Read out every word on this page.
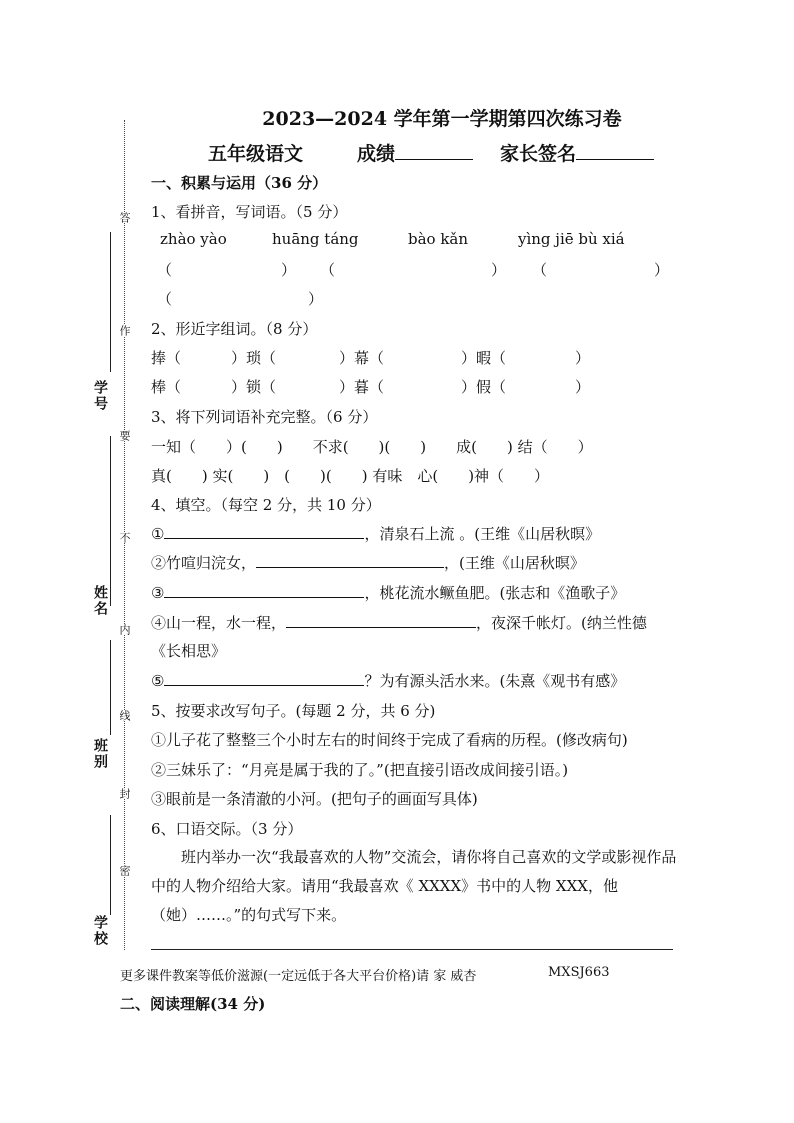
学号
姓名
班别
学校
答
作
要
不
内
线
封
密
2023—2024 学年第一学期第四次练习卷
五年级语文	成绩	家长签名
一、积累与运用（36 分）
1、看拼音，写词语。（5 分）
zhào yào	huāng táng	bào kǎn	yìng jiē bù xiá
（	） （	） （	）
（	）
2、形近字组词。（8 分）
捧（	）琐（	）幕（	）暇（	）
棒（	）锁（	）暮（	）假（	）
3、将下列词语补充完整。（6 分）
一知（　　）(　　)　　不求(　　)(　　)　　成(　　) 结（　　）
真(　　) 实(　　)　(　　)(　　) 有味　心(　　)神（　　）
4、填空。（每空 2 分，共 10 分）
①	，清泉石上流 。(王维《山居秋暝》
②竹喧归浣女，	，(王维《山居秋暝》
③	，桃花流水鳜鱼肥。(张志和《渔歌子》
④山一程，水一程，	，夜深千帐灯。(纳兰性德
《长相思》
⑤	？为有源头活水来。(朱熹《观书有感》
5、按要求改写句子。(每题 2 分，共 6 分)
①儿子花了整整三个小时左右的时间终于完成了看病的历程。(修改病句)
②三妹乐了：“月亮是属于我的了。”(把直接引语改成间接引语。)
③眼前是一条清澈的小河。(把句子的画面写具体)
6、口语交际。（3 分）
班内举办一次“我最喜欢的人物”交流会，请你将自己喜欢的文学或影视作品中的人物介绍给大家。请用“我最喜欢《 XXXX》书中的人物 XXX，他（她）……。”的句式写下来。
更多课件教案等低价滋源(一定远低于各大平台价格)请 家 威杏	MXSJ663
二、阅读理解(34 分)
